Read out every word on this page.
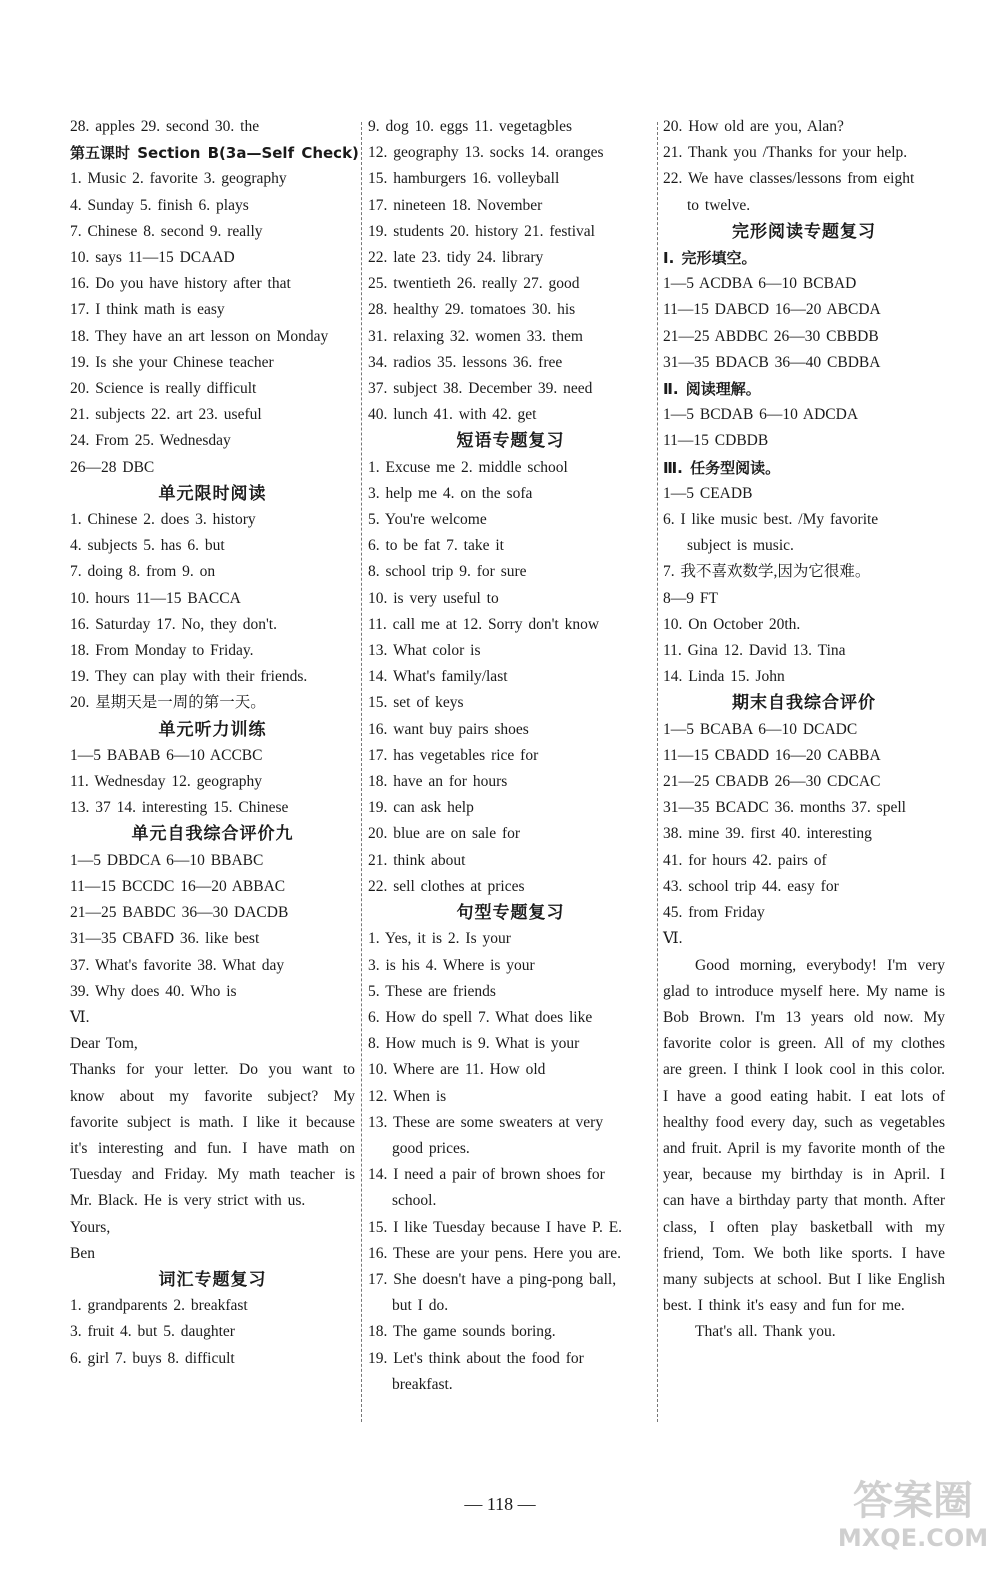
28. apples 29. second 30. the
第五课时 Section B(3a—Self Check)
1. Music 2. favorite 3. geography
4. Sunday 5. finish 6. plays
7. Chinese 8. second 9. really
10. says 11—15 DCAAD
16. Do you have history after that
17. I think math is easy
18. They have an art lesson on Monday
19. Is she your Chinese teacher
20. Science is really difficult
21. subjects 22. art 23. useful
24. From 25. Wednesday
26—28 DBC
单元限时阅读
1. Chinese 2. does 3. history
4. subjects 5. has 6. but
7. doing 8. from 9. on
10. hours 11—15 BACCA
16. Saturday 17. No, they don't.
18. From Monday to Friday.
19. They can play with their friends.
20. 星期天是一周的第一天。
单元听力训练
1—5 BABAB 6—10 ACCBC
11. Wednesday 12. geography
13. 37 14. interesting 15. Chinese
单元自我综合评价九
1—5 DBDCA 6—10 BBABC
11—15 BCCDC 16—20 ABBAC
21—25 BABDC 36—30 DACDB
31—35 CBAFD 36. like best
37. What's favorite 38. What day
39. Why does 40. Who is
Ⅵ.
Dear Tom,
Thanks for your letter. Do you want to know about my favorite subject? My favorite subject is math. I like it because it's interesting and fun. I have math on Tuesday and Friday. My math teacher is Mr. Black. He is very strict with us.
Yours,
Ben
词汇专题复习
1. grandparents 2. breakfast
3. fruit 4. but 5. daughter
6. girl 7. buys 8. difficult
9. dog 10. eggs 11. vegetagbles
12. geography 13. socks 14. oranges
15. hamburgers 16. volleyball
17. nineteen 18. November
19. students 20. history 21. festival
22. late 23. tidy 24. library
25. twentieth 26. really 27. good
28. healthy 29. tomatoes 30. his
31. relaxing 32. women 33. them
34. radios 35. lessons 36. free
37. subject 38. December 39. need
40. lunch 41. with 42. get
短语专题复习
1. Excuse me 2. middle school
3. help me 4. on the sofa
5. You're welcome
6. to be fat 7. take it
8. school trip 9. for sure
10. is very useful to
11. call me at 12. Sorry don't know
13. What color is
14. What's family/last
15. set of keys
16. want buy pairs shoes
17. has vegetables rice for
18. have an for hours
19. can ask help
20. blue are on sale for
21. think about
22. sell clothes at prices
句型专题复习
1. Yes, it is 2. Is your
3. is his 4. Where is your
5. These are friends
6. How do spell 7. What does like
8. How much is 9. What is your
10. Where are 11. How old
12. When is
13. These are some sweaters at very
good prices.
14. I need a pair of brown shoes for
school.
15. I like Tuesday because I have P. E.
16. These are your pens. Here you are.
17. She doesn't have a ping-pong ball,
but I do.
18. The game sounds boring.
19. Let's think about the food for
breakfast.
20. How old are you, Alan?
21. Thank you /Thanks for your help.
22. We have classes/lessons from eight
to twelve.
完形阅读专题复习
Ⅰ. 完形填空。
1—5 ACDBA 6—10 BCBAD
11—15 DABCD 16—20 ABCDA
21—25 ABDBC 26—30 CBBDB
31—35 BDACB 36—40 CBDBA
Ⅱ. 阅读理解。
1—5 BCDAB 6—10 ADCDA
11—15 CDBDB
Ⅲ. 任务型阅读。
1—5 CEADB
6. I like music best. /My favorite
subject is music.
7. 我不喜欢数学,因为它很难。
8—9 FT
10. On October 20th.
11. Gina 12. David 13. Tina
14. Linda 15. John
期末自我综合评价
1—5 BCABA 6—10 DCADC
11—15 CBADD 16—20 CABBA
21—25 CBADB 26—30 CDCAC
31—35 BCADC 36. months 37. spell
38. mine 39. first 40. interesting
41. for hours 42. pairs of
43. school trip 44. easy for
45. from Friday
Ⅵ.
Good morning, everybody! I'm very glad to introduce myself here. My name is Bob Brown. I'm 13 years old now. My favorite color is green. All of my clothes are green. I think I look cool in this color. I have a good eating habit. I eat lots of healthy food every day, such as vegetables and fruit. April is my favorite month of the year, because my birthday is in April. I can have a birthday party that month. After class, I often play basketball with my friend, Tom. We both like sports. I have many subjects at school. But I like English best. I think it's easy and fun for me.
That's all. Thank you.
— 118 —	答案圈
MXQE.COM
